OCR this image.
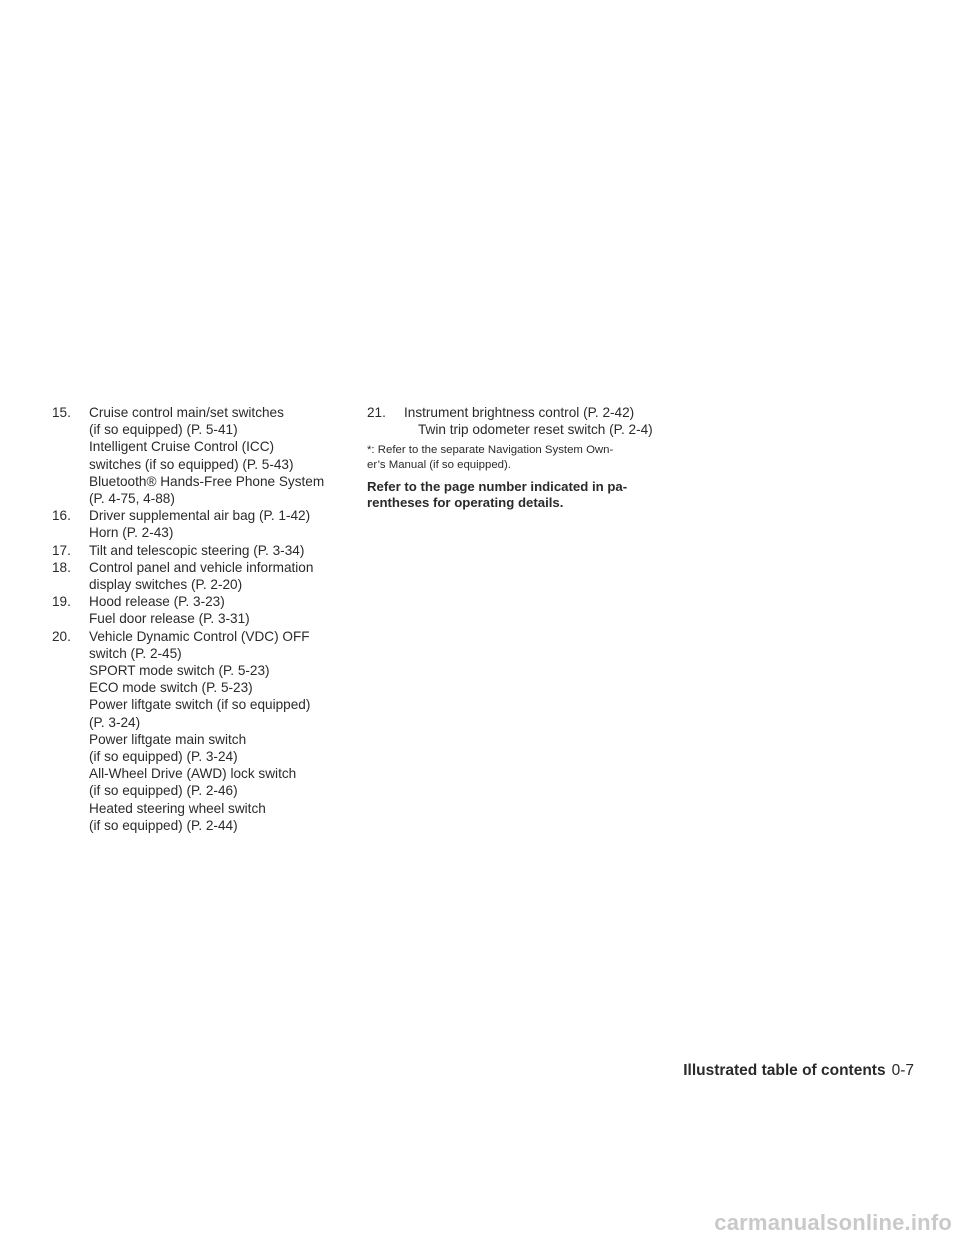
15.	Cruise control main/set switches
(if so equipped) (P. 5-41)
Intelligent Cruise Control (ICC)
switches (if so equipped) (P. 5-43)
Bluetooth® Hands-Free Phone System
(P. 4-75, 4-88)
16.	Driver supplemental air bag (P. 1-42)
Horn (P. 2-43)
17.	Tilt and telescopic steering (P. 3-34)
18.	Control panel and vehicle information
display switches (P. 2-20)
19.	Hood release (P. 3-23)
Fuel door release (P. 3-31)
20.	Vehicle Dynamic Control (VDC) OFF
switch (P. 2-45)
SPORT mode switch (P. 5-23)
ECO mode switch (P. 5-23)
Power liftgate switch (if so equipped)
(P. 3-24)
Power liftgate main switch
(if so equipped) (P. 3-24)
All-Wheel Drive (AWD) lock switch
(if so equipped) (P. 2-46)
Heated steering wheel switch
(if so equipped) (P. 2-44)
21.	Instrument brightness control (P. 2-42)
Twin trip odometer reset switch (P. 2-4)
*: Refer to the separate Navigation System Own-
er’s Manual (if so equipped).
Refer to the page number indicated in pa-
rentheses for operating details.
Illustrated table of contents 0-7
carmanualsonline.info
